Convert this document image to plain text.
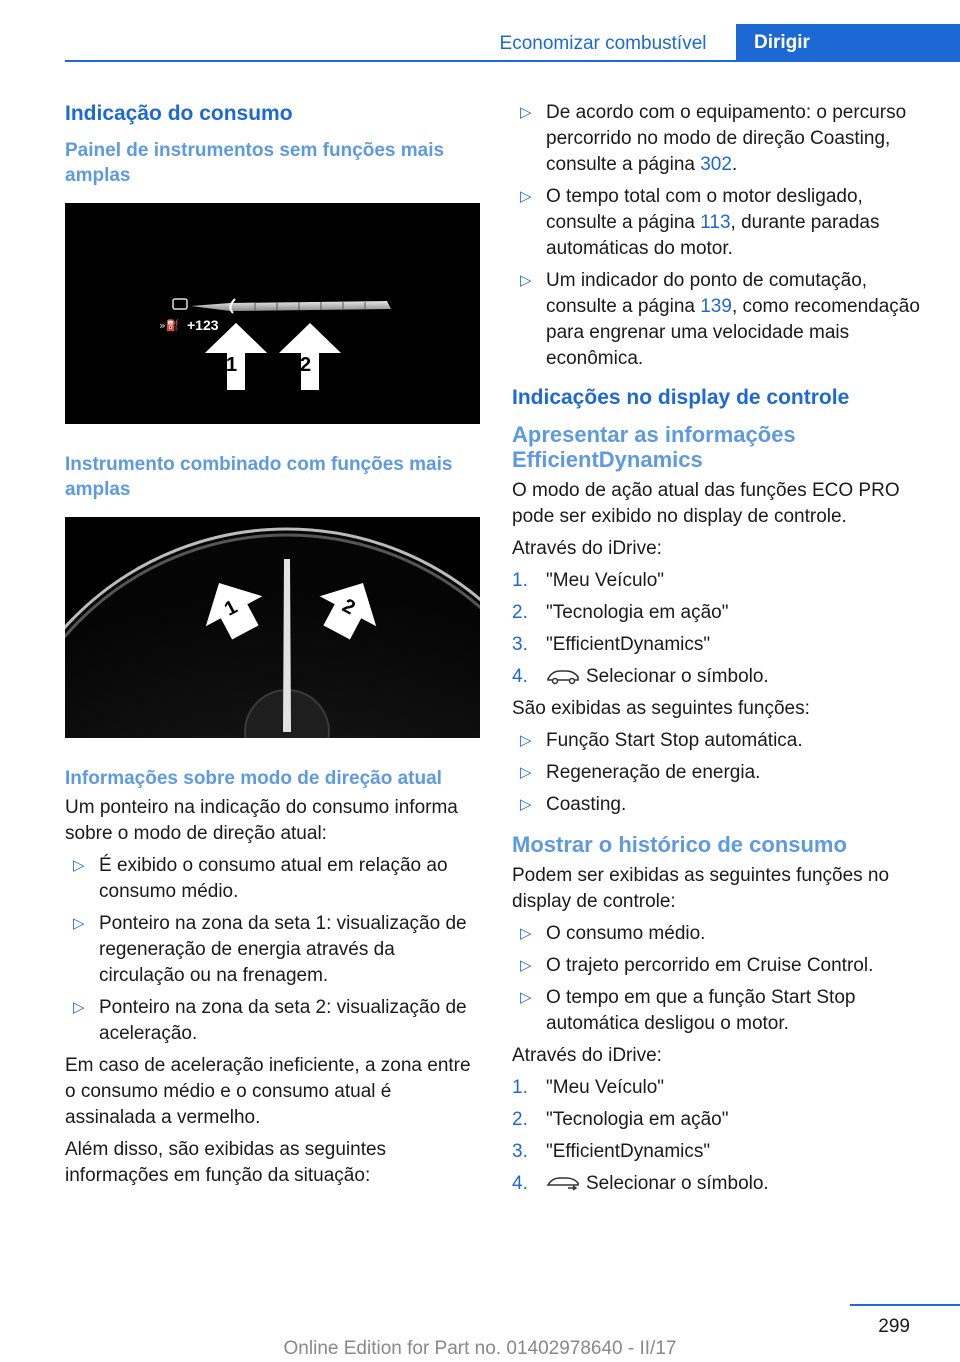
Economizar combustível	Dirigir
Indicação do consumo
Painel de instrumentos sem funções mais amplas
»⛽ +123
1	2
Instrumento combinado com funções mais amplas
1	2
Informações sobre modo de direção atual

Um ponteiro na indicação do consumo informa sobre o modo de direção atual:

▷ É exibido o consumo atual em relação ao consumo médio.
▷ Ponteiro na zona da seta 1: visualização de regeneração de energia através da circulação ou na frenagem.
▷ Ponteiro na zona da seta 2: visualização de aceleração.

Em caso de aceleração ineficiente, a zona entre o consumo médio e o consumo atual é assinalada a vermelho.

Além disso, são exibidas as seguintes informações em função da situação:

▷ De acordo com o equipamento: o percurso percorrido no modo de direção Coasting, consulte a página 302.
▷ O tempo total com o motor desligado, consulte a página 113, durante paradas automáticas do motor.
▷ Um indicador do ponto de comutação, consulte a página 139, como recomendação para engrenar uma velocidade mais econômica.
Indicações no display de controle
Apresentar as informações EfficientDynamics

O modo de ação atual das funções ECO PRO pode ser exibido no display de controle.

Através do iDrive:

1. "Meu Veículo"
2. "Tecnologia em ação"
3. "EfficientDynamics"
4.	Selecionar o símbolo.

São exibidas as seguintes funções:

▷ Função Start Stop automática.
▷ Regeneração de energia.
▷ Coasting.
Mostrar o histórico de consumo

Podem ser exibidas as seguintes funções no display de controle:

▷ O consumo médio.
▷ O trajeto percorrido em Cruise Control.
▷ O tempo em que a função Start Stop automática desligou o motor.

Através do iDrive:

1. "Meu Veículo"
2. "Tecnologia em ação"
3. "EfficientDynamics"
4.	Selecionar o símbolo.
299
Online Edition for Part no. 01402978640 - II/17
